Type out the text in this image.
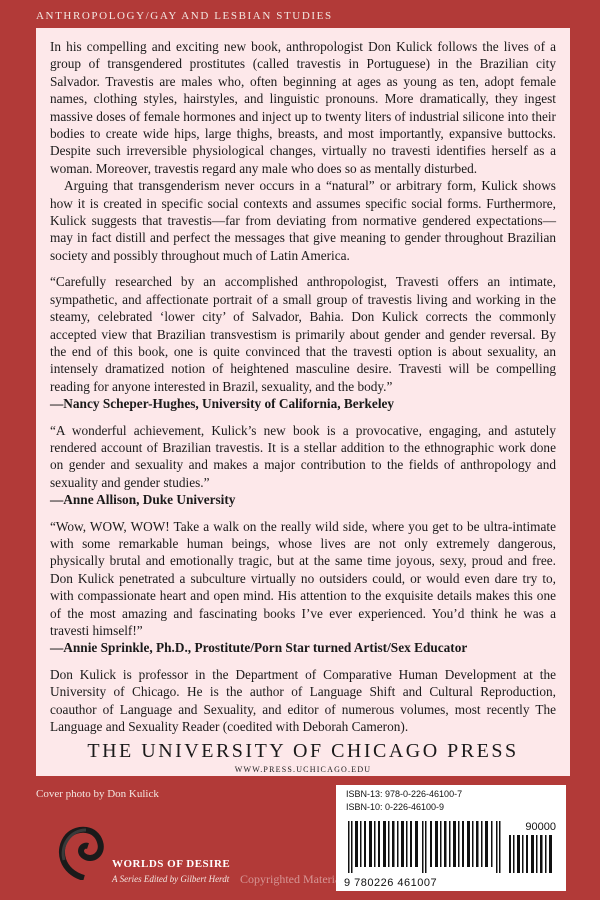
ANTHROPOLOGY/GAY AND LESBIAN STUDIES

In his compelling and exciting new book, anthropologist Don Kulick follows the lives of a group of transgendered prostitutes (called travestis in Portuguese) in the Brazilian city Salvador. Travestis are males who, often beginning at ages as young as ten, adopt female names, clothing styles, hairstyles, and linguistic pronouns. More dramatically, they ingest massive doses of female hormones and inject up to twenty liters of industrial silicone into their bodies to create wide hips, large thighs, breasts, and most importantly, expansive buttocks. Despite such irreversible physiological changes, virtually no travesti identifies herself as a woman. Moreover, travestis regard any male who does so as mentally disturbed.

Arguing that transgenderism never occurs in a “natural” or arbitrary form, Kulick shows how it is created in specific social contexts and assumes specific social forms. Furthermore, Kulick suggests that travestis—far from deviating from normative gendered expectations—may in fact distill and perfect the messages that give meaning to gender throughout Brazilian society and possibly throughout much of Latin America.

“Carefully researched by an accomplished anthropologist, Travesti offers an intimate, sympathetic, and affectionate portrait of a small group of travestis living and working in the steamy, celebrated ‘lower city’ of Salvador, Bahia. Don Kulick corrects the commonly accepted view that Brazilian transvestism is primarily about gender and gender reversal. By the end of this book, one is quite convinced that the travesti option is about sexuality, an intensely dramatized notion of heightened masculine desire. Travesti will be compelling reading for anyone interested in Brazil, sexuality, and the body.”

—Nancy Scheper-Hughes, University of California, Berkeley

“A wonderful achievement, Kulick’s new book is a provocative, engaging, and astutely rendered account of Brazilian travestis. It is a stellar addition to the ethnographic work done on gender and sexuality and makes a major contribution to the fields of anthropology and sexuality and gender studies.”

—Anne Allison, Duke University

“Wow, WOW, WOW! Take a walk on the really wild side, where you get to be ultra-intimate with some remarkable human beings, whose lives are not only extremely dangerous, physically brutal and emotionally tragic, but at the same time joyous, sexy, proud and free. Don Kulick penetrated a subculture virtually no outsiders could, or would even dare try to, with compassionate heart and open mind. His attention to the exquisite details makes this one of the most amazing and fascinating books I’ve ever experienced. You’d think he was a travesti himself!”

—Annie Sprinkle, Ph.D., Prostitute/Porn Star turned Artist/Sex Educator

Don Kulick is professor in the Department of Comparative Human Development at the University of Chicago. He is the author of Language Shift and Cultural Reproduction, coauthor of Language and Sexuality, and editor of numerous volumes, most recently The Language and Sexuality Reader (coedited with Deborah Cameron).

THE UNIVERSITY OF CHICAGO PRESS
WWW.PRESS.UCHICAGO.EDU
Cover photo by Don Kulick
WORLDS OF DESIRE
A Series Edited by Gilbert Herdt
ISBN-13: 978-0-226-46100-7
ISBN-10: 0-226-46100-9
90000
9 780226 461007
Copyrighted Material
